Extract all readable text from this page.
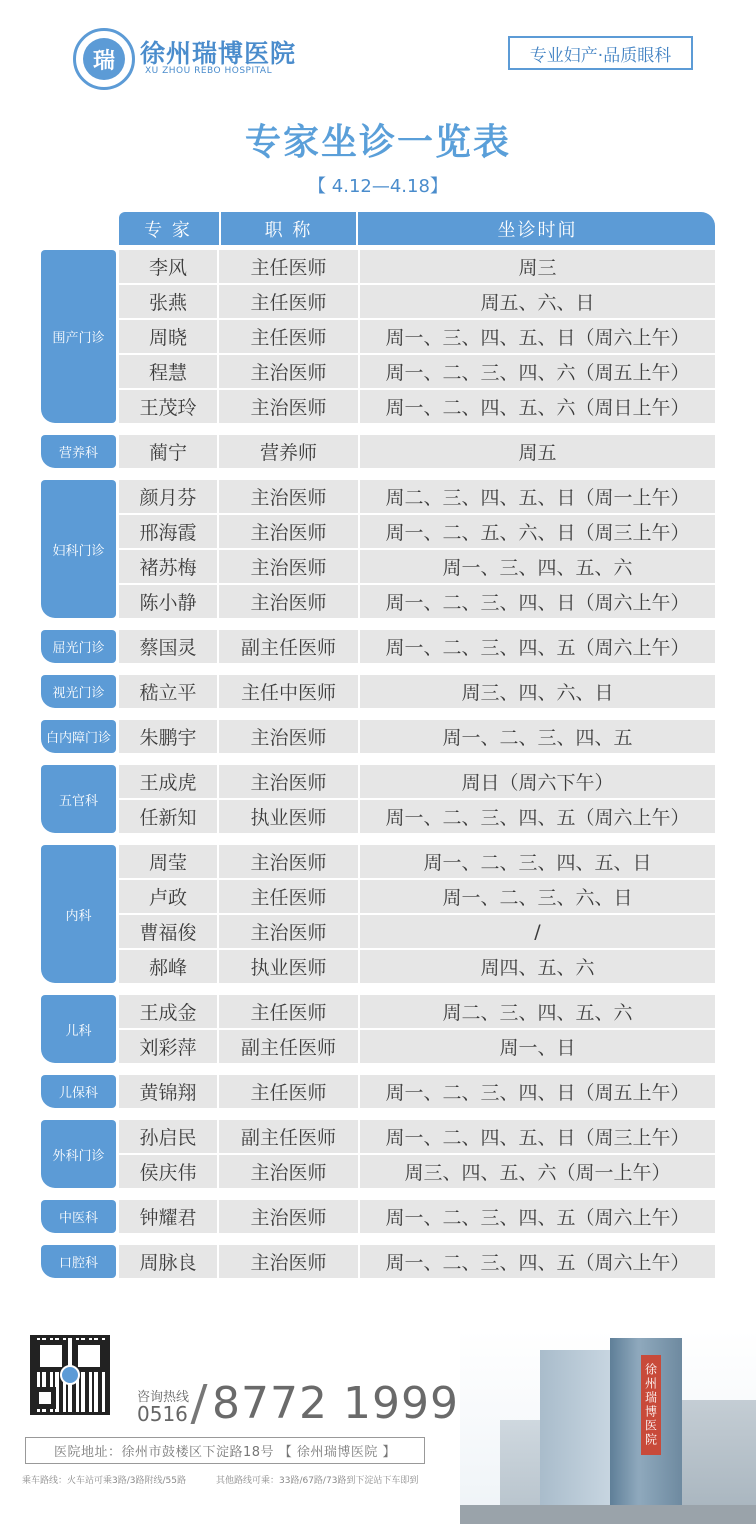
瑞	徐州瑞博医院
XU ZHOU REBO HOSPITAL
专业妇产·品质眼科
专家坐诊一览表
【 4.12—4.18】
专 家	职 称	坐诊时间
围产门诊
李风	主任医师	周三
张燕	主任医师	周五、六、日
周晓	主任医师	周一、三、四、五、日（周六上午）
程慧	主治医师	周一、二、三、四、六（周五上午）
王茂玲	主治医师	周一、二、四、五、六（周日上午）
营养科	蔺宁	营养师	周五
妇科门诊
颜月芬	主治医师	周二、三、四、五、日（周一上午）
邢海霞	主治医师	周一、二、五、六、日（周三上午）
褚苏梅	主治医师	周一、三、四、五、六
陈小静	主治医师	周一、二、三、四、日（周六上午）
屈光门诊	蔡国灵	副主任医师	周一、二、三、四、五（周六上午）
视光门诊	嵇立平	主任中医师	周三、四、六、日
白内障门诊	朱鹏宇	主治医师	周一、二、三、四、五
五官科
王成虎	主治医师	周日（周六下午）
任新知	执业医师	周一、二、三、四、五（周六上午）
内科
周莹	主治医师	周一、二、三、四、五、日
卢政	主任医师	周一、二、三、六、日
曹福俊	主治医师	/
郝峰	执业医师	周四、五、六
儿科
王成金	主任医师	周二、三、四、五、六
刘彩萍	副主任医师	周一、日
儿保科	黄锦翔	主任医师	周一、二、三、四、日（周五上午）
外科门诊
孙启民	副主任医师	周一、二、四、五、日（周三上午）
侯庆伟	主治医师	周三、四、五、六（周一上午）
中医科	钟耀君	主治医师	周一、二、三、四、五（周六上午）
口腔科	周脉良	主治医师	周一、二、三、四、五（周六上午）
咨询热线
0516 8772 1999
医院地址：徐州市鼓楼区下淀路18号 【 徐州瑞博医院 】
乘车路线：火车站可乘3路/3路附线/55路	其他路线可乘：33路/67路/73路到下淀站下车即到
徐州瑞博医院
